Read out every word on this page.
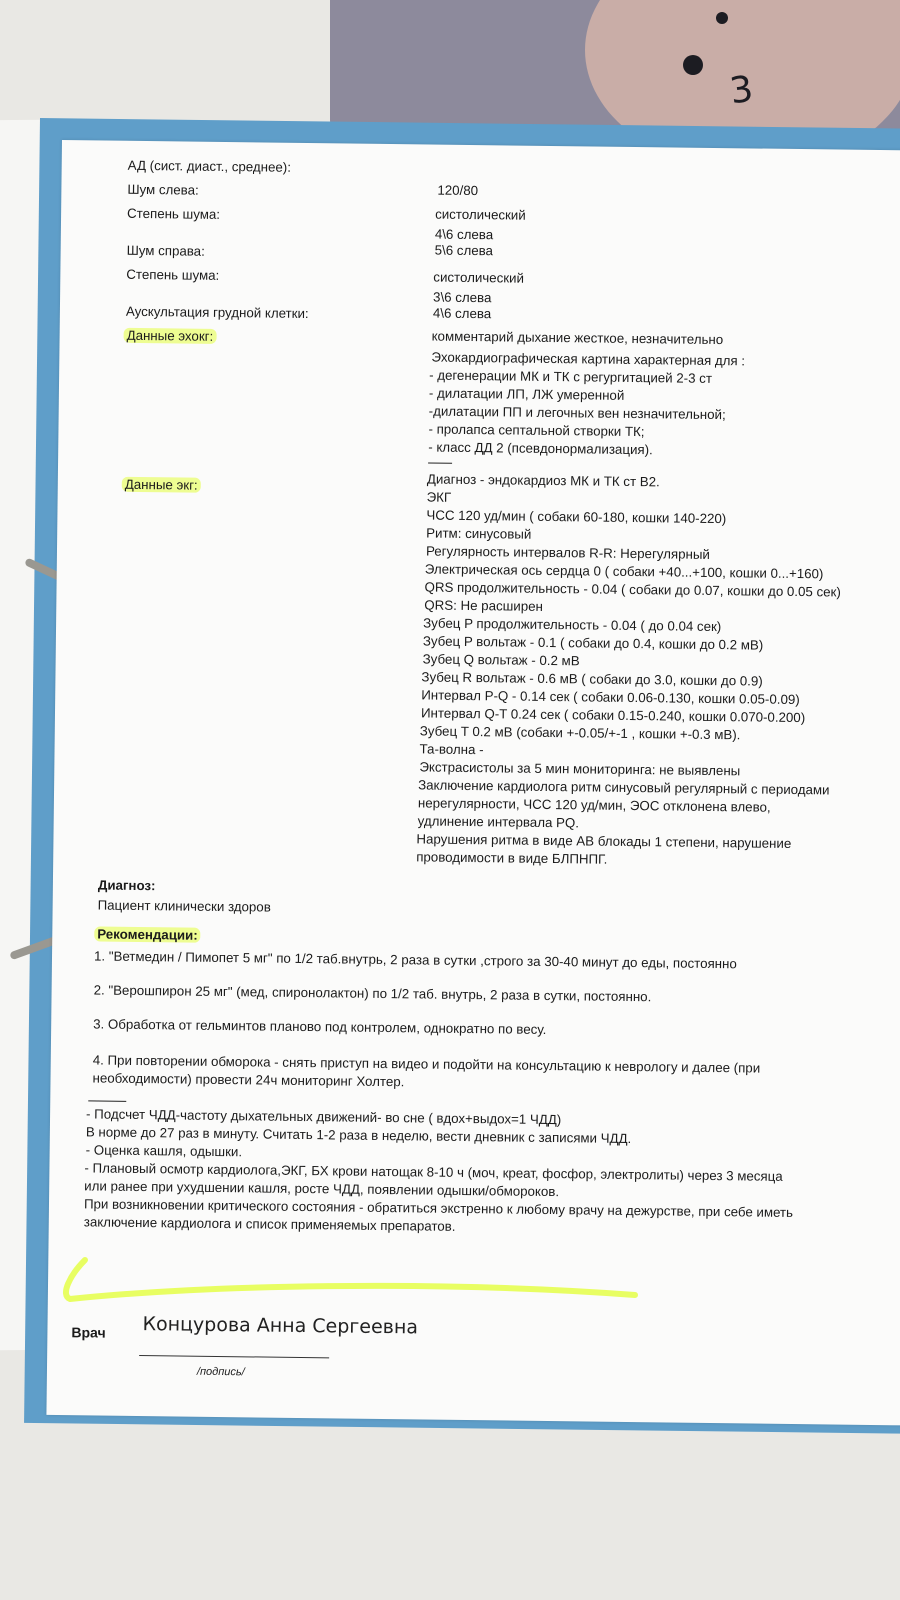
3
АД (сист. диаст., среднее):
Шум слева:
Степень шума:
Шум справа:
Степень шума:
Аускультация грудной клетки:
Данные эхокг:
Данные экг:
120/80
систолический
4\6 слева
5\6 слева
систолический
3\6 слева
4\6 слева
комментарий дыхание жесткое, незначительно
Эхокардиографическая картина характерная для :
- дегенерации МК и ТК с регургитацией 2-3 ст
- дилатации ЛП, ЛЖ умеренной
-дилатации ПП и легочных вен незначительной;
- пролапса септальной створки ТК;
- класс ДД 2 (псевдонормализация).
Диагноз - эндокардиоз МК и ТК ст В2.
ЭКГ
ЧСС 120 уд/мин ( собаки 60-180, кошки 140-220)
Ритм: синусовый
Регулярность интервалов R-R: Нерегулярный
Электрическая ось сердца 0 ( собаки +40...+100, кошки 0...+160)
QRS продолжительность - 0.04 ( собаки до 0.07, кошки до 0.05 сек)
QRS: Не расширен
Зубец P продолжительность - 0.04 ( до 0.04 сек)
Зубец P вольтаж - 0.1 ( собаки до 0.4, кошки до 0.2 мВ)
Зубец Q вольтаж - 0.2 мВ
Зубец R вольтаж - 0.6 мВ ( собаки до 3.0, кошки до 0.9)
Интервал P-Q - 0.14 сек ( собаки 0.06-0.130, кошки 0.05-0.09)
Интервал Q-T 0.24 сек ( собаки 0.15-0.240, кошки 0.070-0.200)
Зубец T 0.2 мВ (собаки +-0.05/+-1 , кошки +-0.3 мВ).
Та-волна -
Экстрасистолы за 5 мин мониторинга: не выявлены
Заключение кардиолога ритм синусовый регулярный с периодами
нерегулярности, ЧСС 120 уд/мин, ЭОС отклонена влево,
удлинение интервала PQ.
Нарушения ритма в виде АВ блокады 1 степени, нарушение
проводимости в виде БЛПНПГ.
Диагноз:
Пациент клинически здоров
Рекомендации:
1. "Ветмедин / Пимопет 5 мг" по 1/2 таб.внутрь, 2 раза в сутки ,строго за 30-40 минут до еды, постоянно
2. "Верошпирон 25 мг" (мед, спиронолактон) по 1/2 таб. внутрь, 2 раза в сутки, постоянно.
3. Обработка от гельминтов планово под контролем, однократно по весу.
4. При повторении обморока - снять приступ на видео и подойти на консультацию к неврологу и далее (при
необходимости) провести 24ч мониторинг Холтер.
- Подсчет ЧДД-частоту дыхательных движений- во сне ( вдох+выдох=1 ЧДД)
В норме до 27 раз в минуту. Считать 1-2 раза в неделю, вести дневник с записями ЧДД.
- Оценка кашля, одышки.
- Плановый осмотр кардиолога,ЭКГ, БХ крови натощак 8-10 ч (моч, креат, фосфор, электролиты) через 3 месяца
или ранее при ухудшении кашля, росте ЧДД, появлении одышки/обмороков.
При возникновении критического состояния - обратиться экстренно к любому врачу на дежурстве, при себе иметь
заключение кардиолога и список применяемых препаратов.
Врач Концурова Анна Сергеевна
/подпись/
